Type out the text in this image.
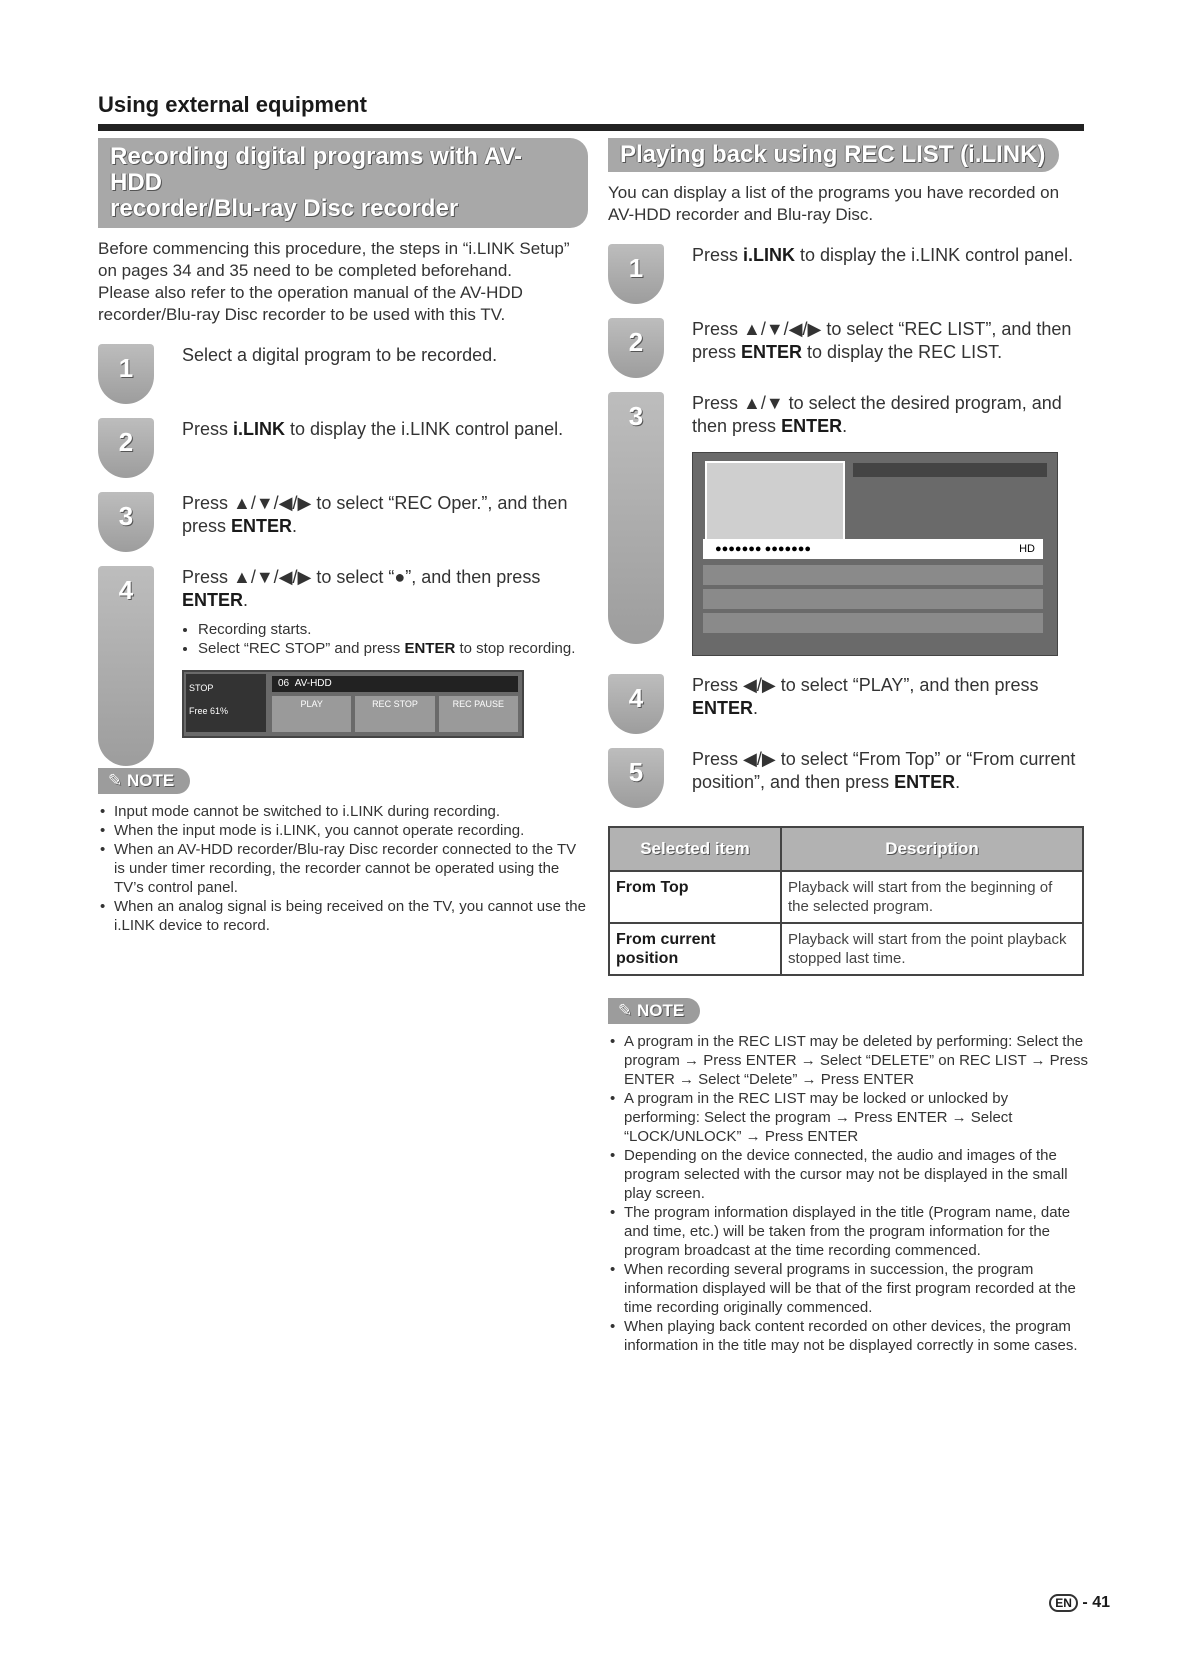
Using external equipment
Recording digital programs with AV-HDD
recorder/Blu-ray Disc recorder

Before commencing this procedure, the steps in “i.LINK Setup” on pages 34 and 35 need to be completed beforehand.

Please also refer to the operation manual of the AV-HDD recorder/Blu-ray Disc recorder to be used with this TV.

1	Select a digital program to be recorded.
2	Press i.LINK to display the i.LINK control panel.
3	Press ▲/▼/◀/▶ to select “REC Oper.”, and then press ENTER.
4	Press ▲/▼/◀/▶ to select “●”, and then press ENTER.
• Recording starts.
• Select “REC STOP” and press ENTER to stop recording.
STOP
Free 61%
06 AV-HDD
PLAY	REC STOP	REC PAUSE
✎ NOTE
• Input mode cannot be switched to i.LINK during recording.
• When the input mode is i.LINK, you cannot operate recording.
• When an AV-HDD recorder/Blu-ray Disc recorder connected to the TV is under timer recording, the recorder cannot be operated using the TV’s control panel.
• When an analog signal is being received on the TV, you cannot use the i.LINK device to record.
Playing back using REC LIST (i.LINK)
You can display a list of the programs you have recorded on AV-HDD recorder and Blu-ray Disc.
1	Press i.LINK to display the i.LINK control panel.
2	Press ▲/▼/◀/▶ to select “REC LIST”, and then press ENTER to display the REC LIST.
3	Press ▲/▼ to select the desired program, and then press ENTER.
●●●●●●● ●●●●●●●	HD
4	Press ◀/▶ to select “PLAY”, and then press ENTER.
5	Press ◀/▶ to select “From Top” or “From current position”, and then press ENTER.
Selected item	Description
From Top	Playback will start from the beginning of the selected program.
From current position	Playback will start from the point playback stopped last time.
✎ NOTE
• A program in the REC LIST may be deleted by performing: Select the program → Press ENTER → Select “DELETE” on REC LIST → Press ENTER → Select “Delete” → Press ENTER
• A program in the REC LIST may be locked or unlocked by performing: Select the program → Press ENTER → Select “LOCK/UNLOCK” → Press ENTER
• Depending on the device connected, the audio and images of the program selected with the cursor may not be displayed in the small play screen.
• The program information displayed in the title (Program name, date and time, etc.) will be taken from the program information for the program broadcast at the time recording commenced.
• When recording several programs in succession, the program information displayed will be that of the first program recorded at the time recording originally commenced.
• When playing back content recorded on other devices, the program information in the title may not be displayed correctly in some cases.
EN - 41
